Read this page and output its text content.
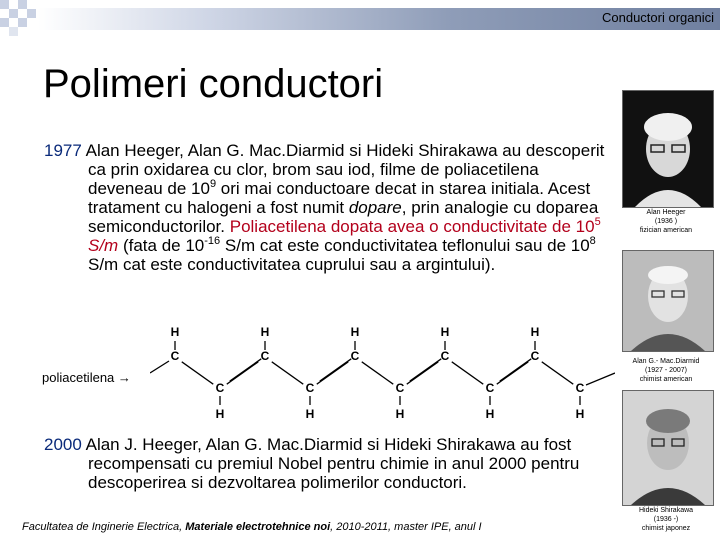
Conductori organici
Polimeri conductori
1977 Alan Heeger, Alan G. Mac.Diarmid si Hideki Shirakawa au descoperit ca prin oxidarea cu clor, brom sau iod, filme de poliacetilena deveneau de $10^9$ ori mai conductoare decat in starea initiala. Acest tratament cu halogeni a fost numit dopare, prin analogie cu doparea semiconductorilor. Poliacetilena dopata avea o conductivitate de $10^5$ S/m (fata de $10^{-16}$ S/m cat este conductivitatea teflonului sau de $10^8$ S/m cat este conductivitatea cuprului sau a argintului).
poliacetilena →
C
H
C
H
C
H
C
H
C
H
C
H
C
H
C
H
C
H
C
H
2000 Alan J. Heeger, Alan G. Mac.Diarmid si Hideki Shirakawa au fost recompensati cu premiul Nobel pentru chimie in anul 2000 pentru descoperirea si dezvoltarea polimerilor conductori.
Facultatea de Inginerie Electrica, Materiale electrotehnice noi, 2010-2011, master IPE, anul I
Alan Heeger
(1936 )
fizician american
Alan G.- Mac.Diarmid
(1927 - 2007)
chimist american
Hideki Shirakawa
(1936 -)
chimist japonez
